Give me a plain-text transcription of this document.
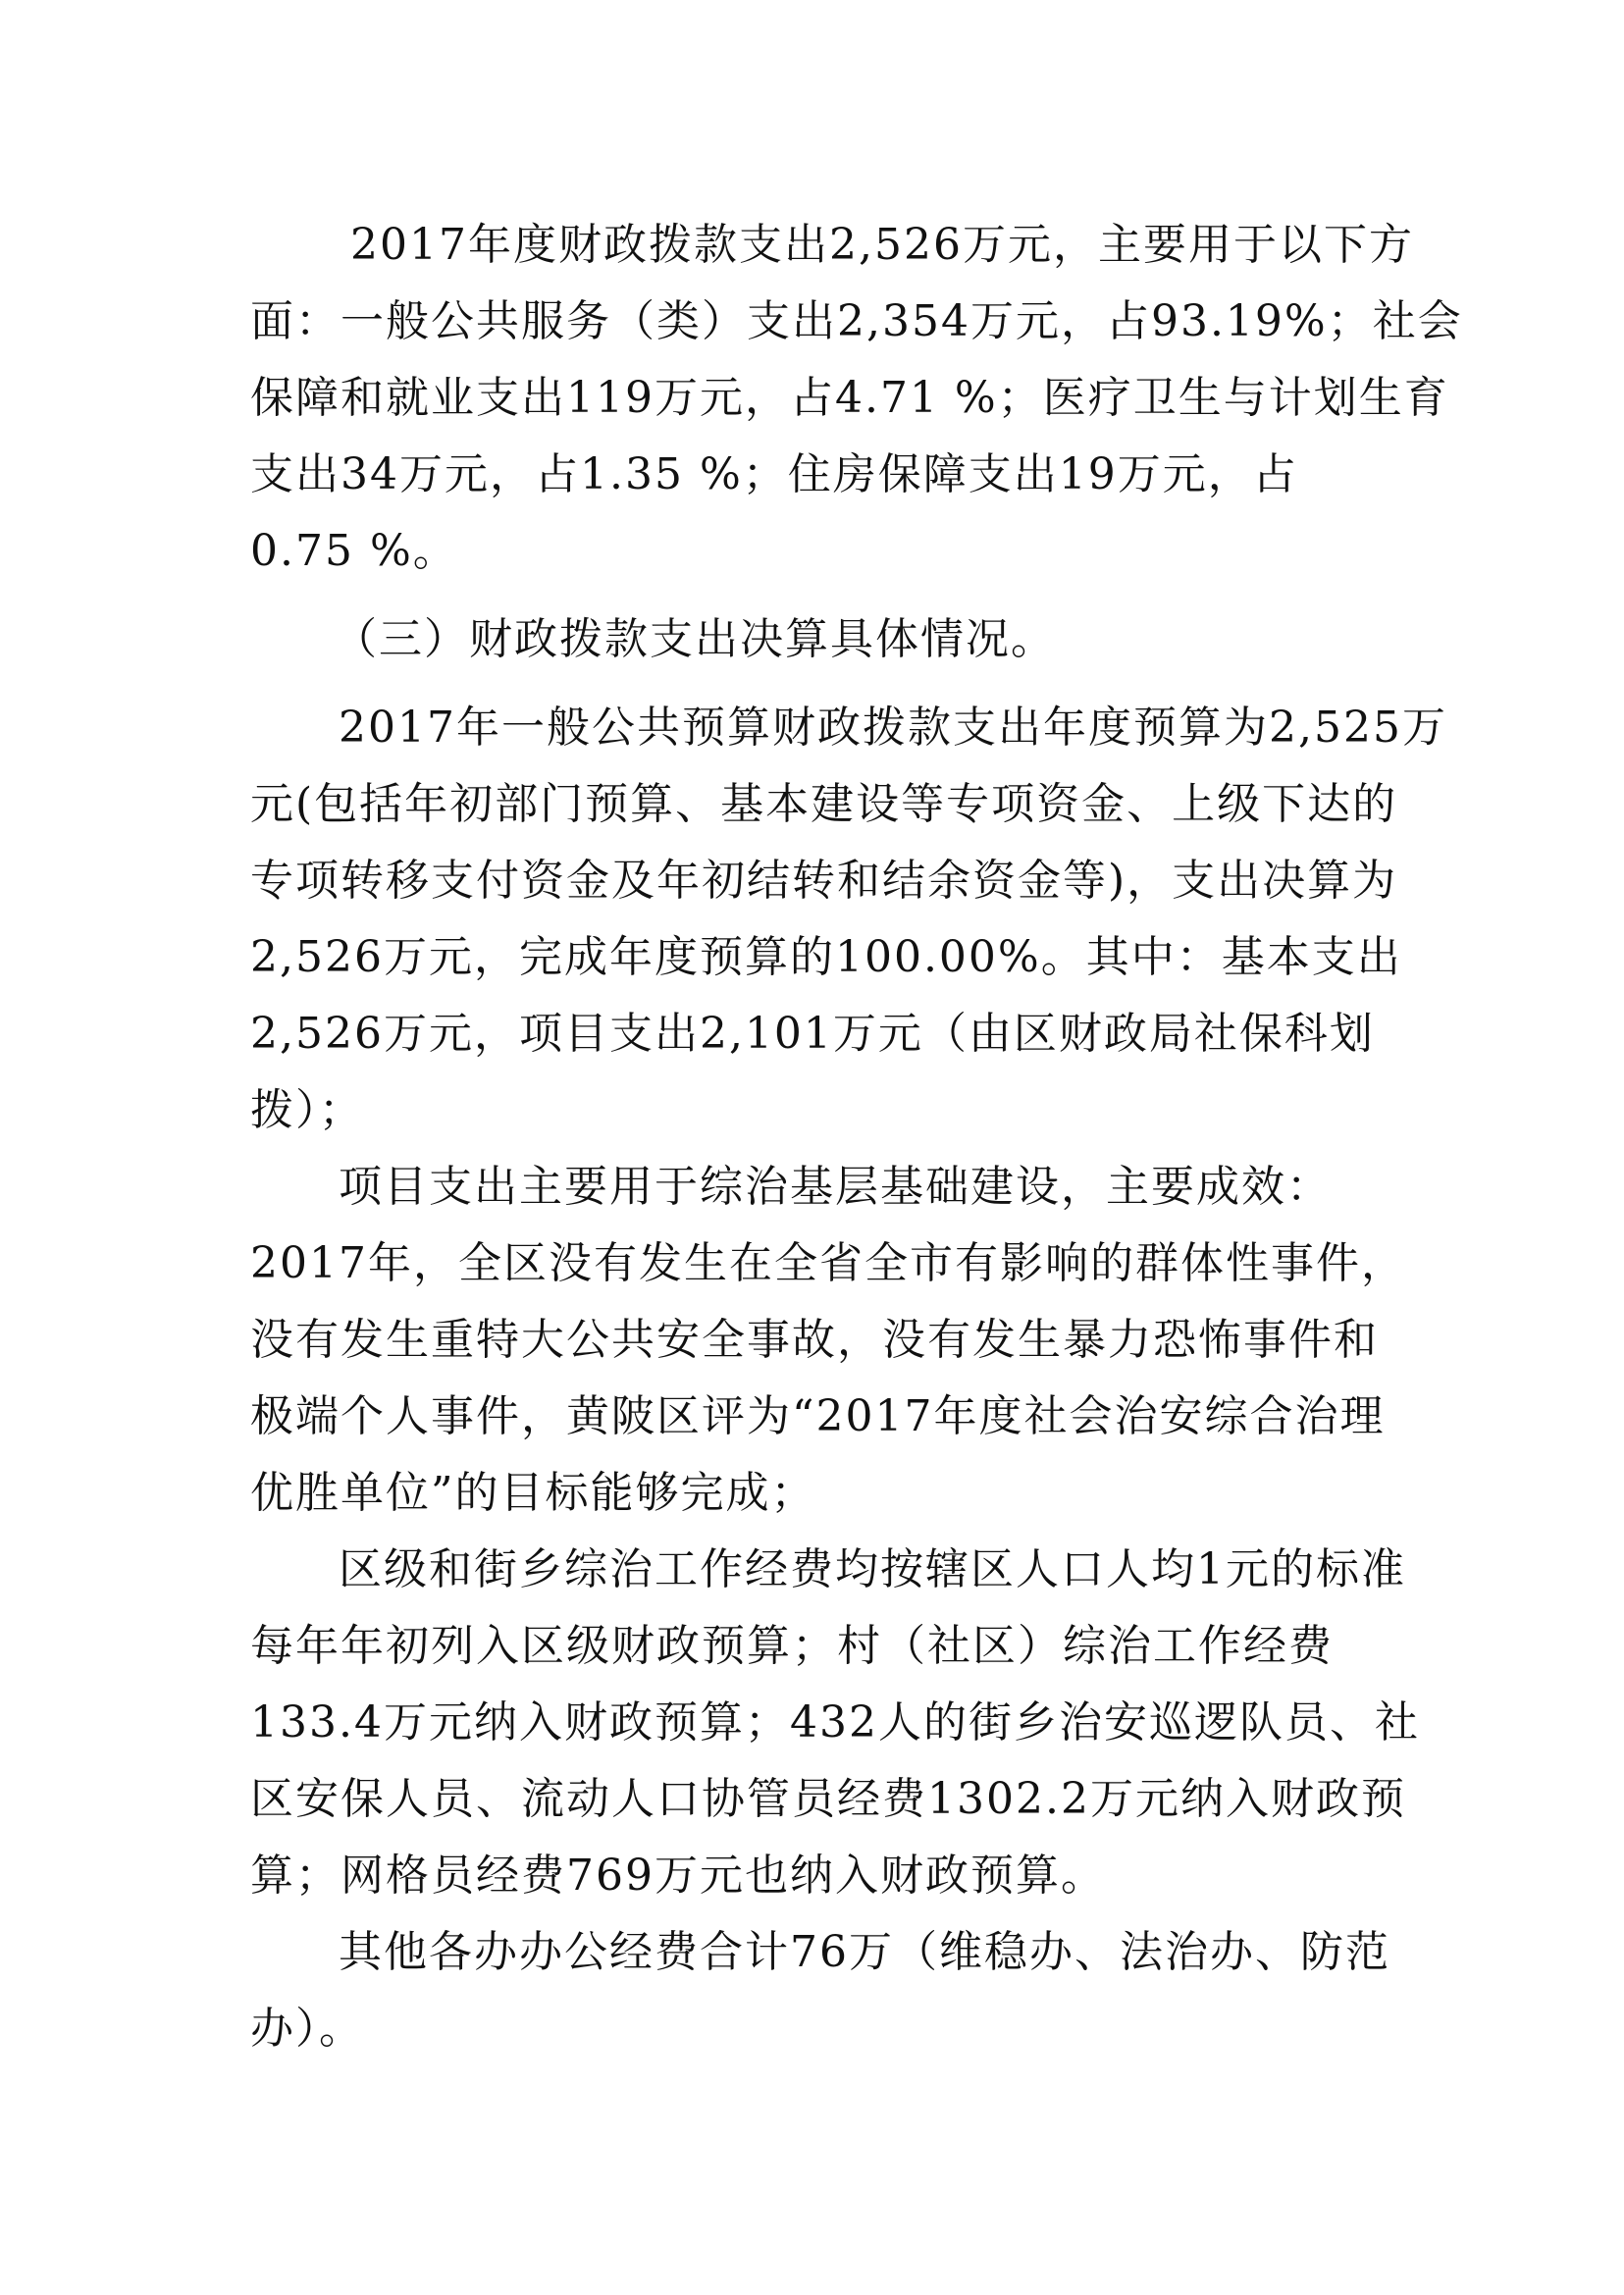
2017年度财政拨款支出2,526万元，主要用于以下方
面：一般公共服务（类）支出2,354万元，占93.19%；社会
保障和就业支出119万元，占4.71 %；医疗卫生与计划生育
支出34万元，占1.35 %；住房保障支出19万元，占
0.75 %。
（三）财政拨款支出决算具体情况。
2017年一般公共预算财政拨款支出年度预算为2,525万
元(包括年初部门预算、基本建设等专项资金、上级下达的
专项转移支付资金及年初结转和结余资金等)，支出决算为
2,526万元，完成年度预算的100.00%。其中：基本支出
2,526万元，项目支出2,101万元（由区财政局社保科划
拨）；
项目支出主要用于综治基层基础建设，主要成效：
2017年，全区没有发生在全省全市有影响的群体性事件，
没有发生重特大公共安全事故，没有发生暴力恐怖事件和
极端个人事件，黄陂区评为“2017年度社会治安综合治理
优胜单位”的目标能够完成；
区级和街乡综治工作经费均按辖区人口人均1元的标准
每年年初列入区级财政预算；村（社区）综治工作经费
133.4万元纳入财政预算；432人的街乡治安巡逻队员、社
区安保人员、流动人口协管员经费1302.2万元纳入财政预
算；网格员经费769万元也纳入财政预算。
其他各办办公经费合计76万（维稳办、法治办、防范
办）。
